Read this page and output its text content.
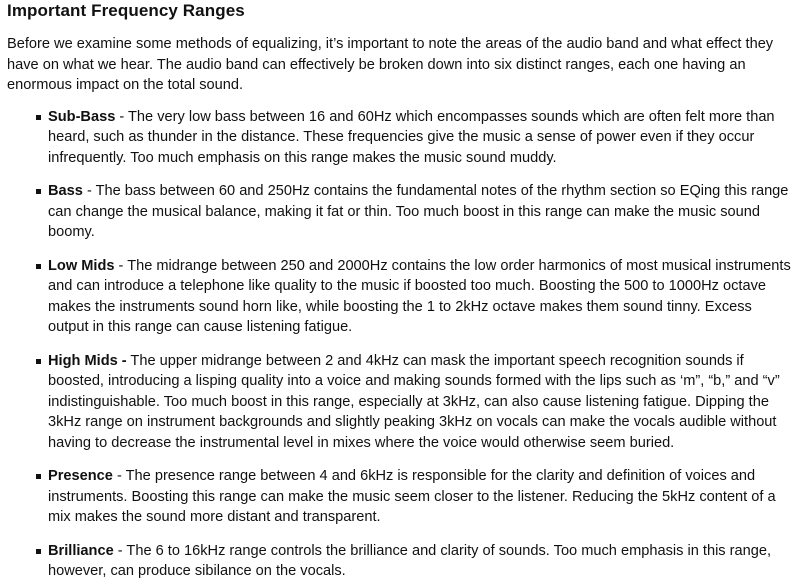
Important Frequency Ranges

Before we examine some methods of equalizing, it’s important to note the areas of the audio band and what effect they have on what we hear. The audio band can effectively be broken down into six distinct ranges, each one having an enormous impact on the total sound.

Sub-Bass - The very low bass between 16 and 60Hz which encompasses sounds which are often felt more than heard, such as thunder in the distance. These frequencies give the music a sense of power even if they occur infrequently. Too much emphasis on this range makes the music sound muddy.
Bass - The bass between 60 and 250Hz contains the fundamental notes of the rhythm section so EQing this range can change the musical balance, making it fat or thin. Too much boost in this range can make the music sound boomy.
Low Mids - The midrange between 250 and 2000Hz contains the low order harmonics of most musical instruments and can introduce a telephone like quality to the music if boosted too much. Boosting the 500 to 1000Hz octave makes the instruments sound horn like, while boosting the 1 to 2kHz octave makes them sound tinny. Excess output in this range can cause listening fatigue.
High Mids - The upper midrange between 2 and 4kHz can mask the important speech recognition sounds if boosted, introducing a lisping quality into a voice and making sounds formed with the lips such as ‘m”, “b,” and “v” indistinguishable. Too much boost in this range, especially at 3kHz, can also cause listening fatigue. Dipping the 3kHz range on instrument backgrounds and slightly peaking 3kHz on vocals can make the vocals audible without having to decrease the instrumental level in mixes where the voice would otherwise seem buried.
Presence - The presence range between 4 and 6kHz is responsible for the clarity and definition of voices and instruments. Boosting this range can make the music seem closer to the listener. Reducing the 5kHz content of a mix makes the sound more distant and transparent.
Brilliance - The 6 to 16kHz range controls the brilliance and clarity of sounds. Too much emphasis in this range, however, can produce sibilance on the vocals.
